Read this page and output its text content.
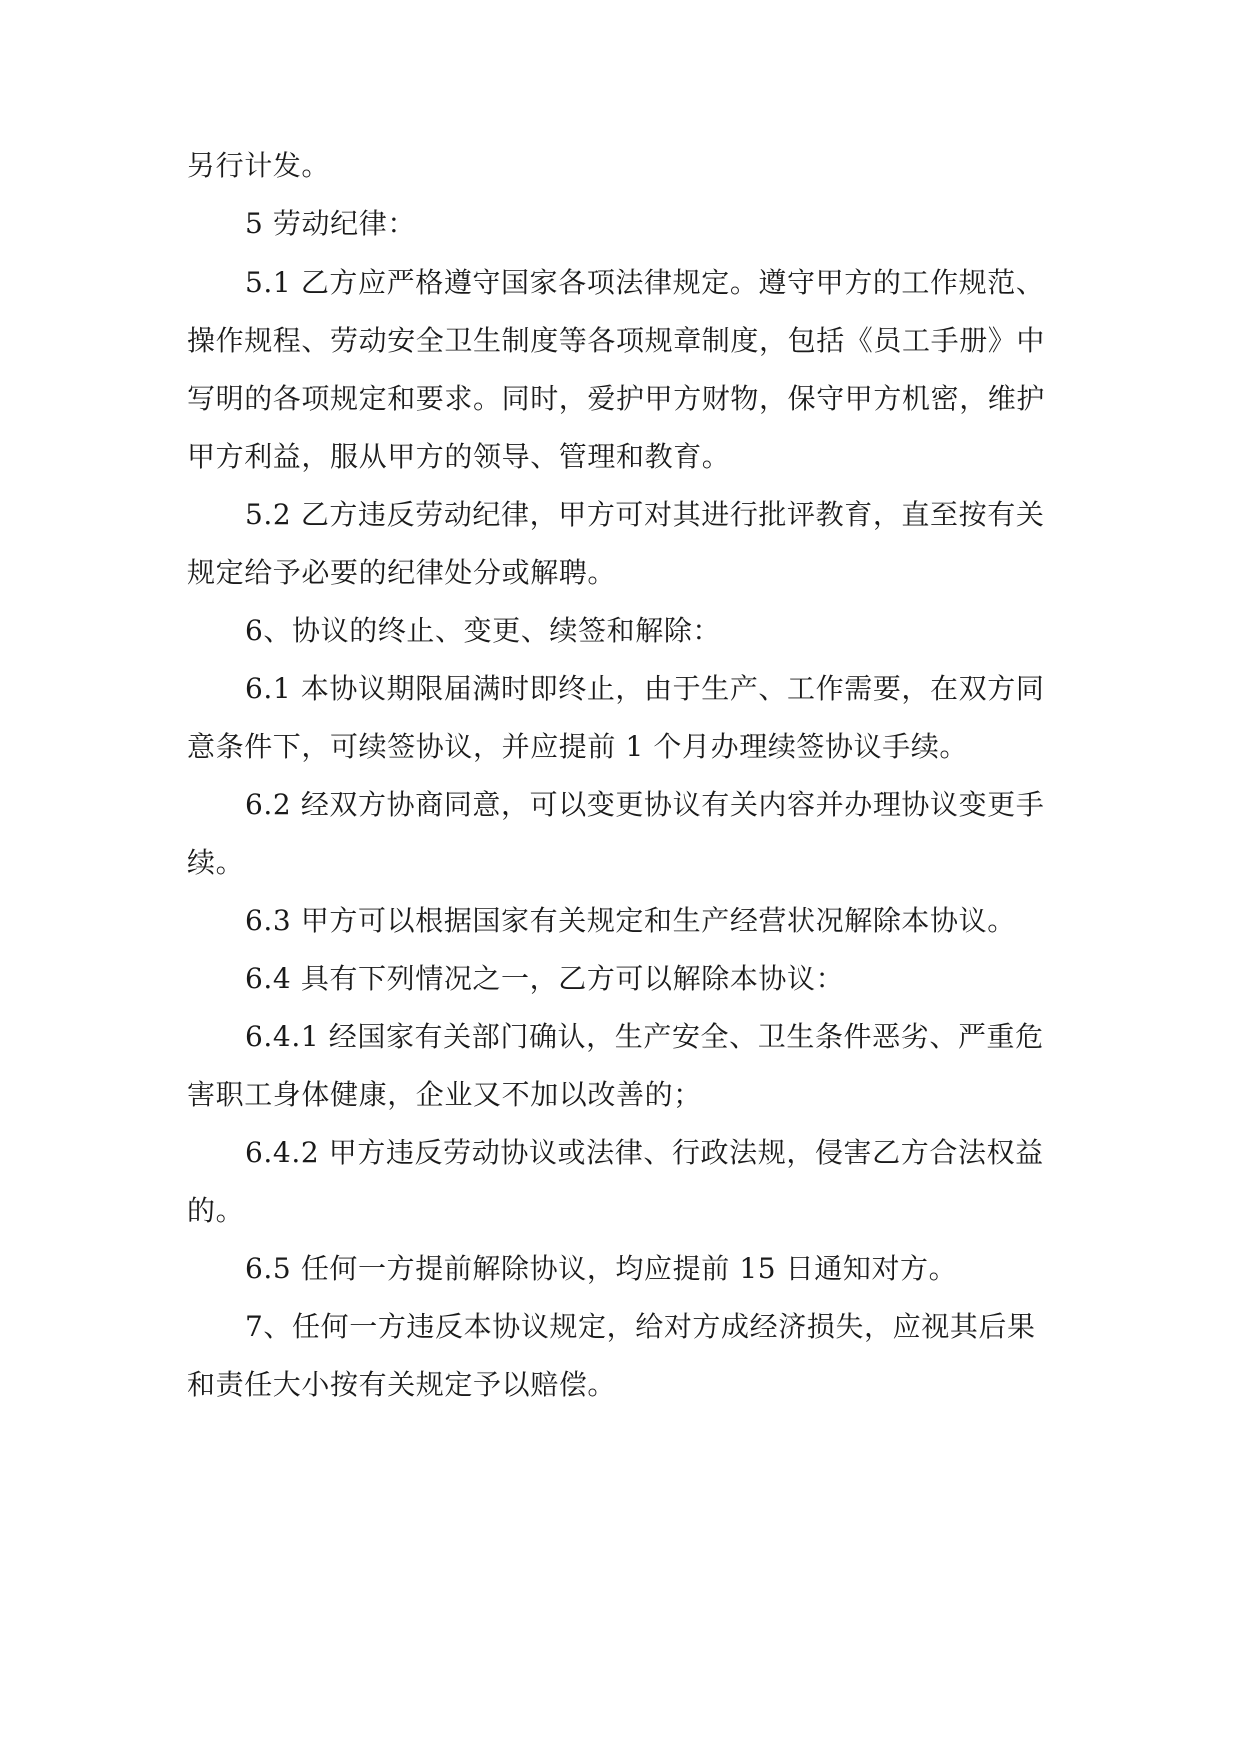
另行计发。
5 劳动纪律：
5.1 乙方应严格遵守国家各项法律规定。遵守甲方的工作规范、
操作规程、劳动安全卫生制度等各项规章制度，包括《员工手册》中
写明的各项规定和要求。同时，爱护甲方财物，保守甲方机密，维护
甲方利益，服从甲方的领导、管理和教育。
5.2 乙方违反劳动纪律，甲方可对其进行批评教育，直至按有关
规定给予必要的纪律处分或解聘。
6、协议的终止、变更、续签和解除：
6.1 本协议期限届满时即终止，由于生产、工作需要，在双方同
意条件下，可续签协议，并应提前 1 个月办理续签协议手续。
6.2 经双方协商同意，可以变更协议有关内容并办理协议变更手
续。
6.3 甲方可以根据国家有关规定和生产经营状况解除本协议。
6.4 具有下列情况之一，乙方可以解除本协议：
6.4.1 经国家有关部门确认，生产安全、卫生条件恶劣、严重危
害职工身体健康，企业又不加以改善的；
6.4.2 甲方违反劳动协议或法律、行政法规，侵害乙方合法权益
的。
6.5 任何一方提前解除协议，均应提前 15 日通知对方。
7、任何一方违反本协议规定，给对方成经济损失，应视其后果
和责任大小按有关规定予以赔偿。
